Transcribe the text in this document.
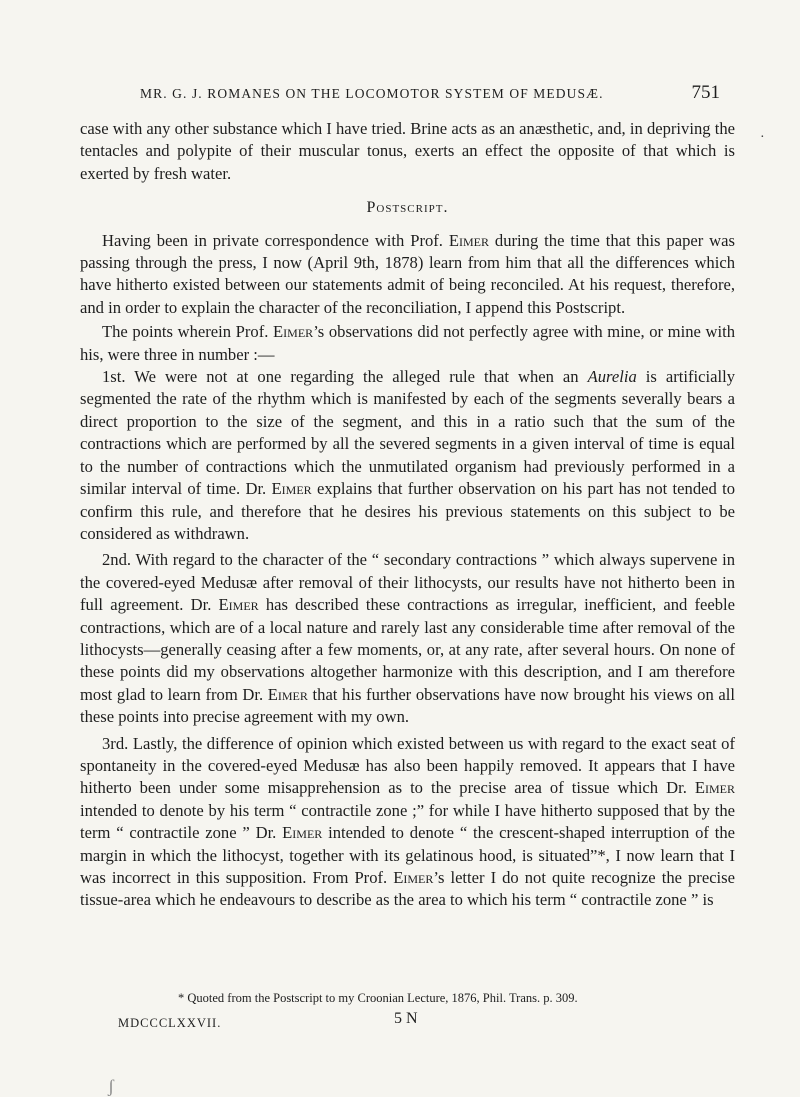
MR. G. J. ROMANES ON THE LOCOMOTOR SYSTEM OF MEDUSÆ.	751
·

case with any other substance which I have tried. Brine acts as an anæsthetic, and, in depriving the tentacles and polypite of their muscular tonus, exerts an effect the opposite of that which is exerted by fresh water.

Postscript.

Having been in private correspondence with Prof. Eimer during the time that this paper was passing through the press, I now (April 9th, 1878) learn from him that all the differences which have hitherto existed between our statements admit of being reconciled. At his request, therefore, and in order to explain the character of the reconciliation, I append this Postscript.

The points wherein Prof. Eimer’s observations did not perfectly agree with mine, or mine with his, were three in number :—

1st. We were not at one regarding the alleged rule that when an Aurelia is artificially segmented the rate of the rhythm which is manifested by each of the segments severally bears a direct proportion to the size of the segment, and this in a ratio such that the sum of the contractions which are performed by all the severed segments in a given interval of time is equal to the number of contractions which the unmutilated organism had previously performed in a similar interval of time. Dr. Eimer explains that further observation on his part has not tended to confirm this rule, and therefore that he desires his previous statements on this subject to be considered as withdrawn.

2nd. With regard to the character of the “ secondary contractions ” which always supervene in the covered-eyed Medusæ after removal of their lithocysts, our results have not hitherto been in full agreement. Dr. Eimer has described these contractions as irregular, inefficient, and feeble contractions, which are of a local nature and rarely last any considerable time after removal of the lithocysts—generally ceasing after a few moments, or, at any rate, after several hours. On none of these points did my observations altogether harmonize with this description, and I am therefore most glad to learn from Dr. Eimer that his further observations have now brought his views on all these points into precise agreement with my own.

3rd. Lastly, the difference of opinion which existed between us with regard to the exact seat of spontaneity in the covered-eyed Medusæ has also been happily removed. It appears that I have hitherto been under some misapprehension as to the precise area of tissue which Dr. Eimer intended to denote by his term “ contractile zone ;” for while I have hitherto supposed that by the term “ contractile zone ” Dr. Eimer intended to denote “ the crescent-shaped interruption of the margin in which the lithocyst, together with its gelatinous hood, is situated”*, I now learn that I was incorrect in this supposition. From Prof. Eimer’s letter I do not quite recognize the precise tissue-area which he endeavours to describe as the area to which his term “ contractile zone ” is

* Quoted from the Postscript to my Croonian Lecture, 1876, Phil. Trans. p. 309.
MDCCCLXXVII.	5 N
ʃ
